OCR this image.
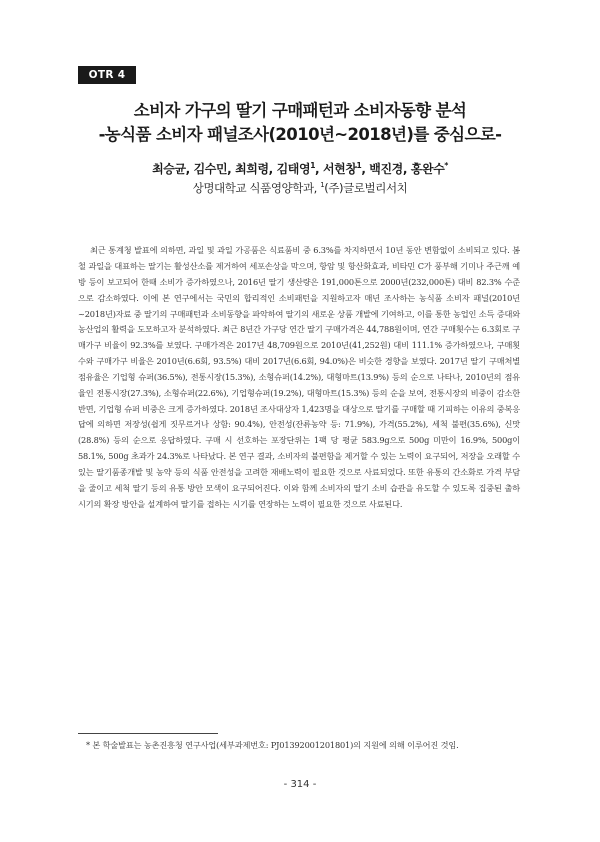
OTR 4
소비자 가구의 딸기 구매패턴과 소비자동향 분석
-농식품 소비자 패널조사(2010년~2018년)를 중심으로-
최승균, 김수민, 최희령, 김태영$^1$, 서현창$^1$, 백진경, 홍완수*
상명대학교 식품영양학과, $^1$(주)글로벌리서치

최근 통계청 발표에 의하면, 과일 및 과일 가공품은 식료품비 중 6.3%를 차지하면서 10년 동안 변함없이 소비되고 있다. 봄철 과일을 대표하는 딸기는 활성산소를 제거하여 세포손상을 막으며, 항암 및 항산화효과, 비타민 C가 풍부해 기미나 주근깨 예방 등이 보고되어 한때 소비가 증가하였으나, 2016년 딸기 생산량은 191,000톤으로 2000년(232,000톤) 대비 82.3% 수준으로 감소하였다. 이에 본 연구에서는 국민의 합리적인 소비패턴을 지원하고자 매년 조사하는 농식품 소비자 패널(2010년~2018년)자료 중 딸기의 구매패턴과 소비동향을 파악하여 딸기의 새로운 상품 개발에 기여하고, 이를 통한 농업인 소득 증대와 농산업의 활력을 도모하고자 분석하였다. 최근 8년간 가구당 연간 딸기 구매가격은 44,788원이며, 연간 구매횟수는 6.3회로 구매가구 비율이 92.3%를 보였다. 구매가격은 2017년 48,709원으로 2010년(41,252원) 대비 111.1% 증가하였으나, 구매횟수와 구매가구 비율은 2010년(6.6회, 93.5%) 대비 2017년(6.6회, 94.0%)은 비슷한 경향을 보였다. 2017년 딸기 구매처별 점유율은 기업형 슈퍼(36.5%), 전통시장(15.3%), 소형슈퍼(14.2%), 대형마트(13.9%) 등의 순으로 나타나, 2010년의 점유율인 전통시장(27.3%), 소형슈퍼(22.6%), 기업형슈퍼(19.2%), 대형마트(15.3%) 등의 순을 보여, 전통시장의 비중이 감소한 반면, 기업형 슈퍼 비중은 크게 증가하였다. 2018년 조사대상자 1,423명을 대상으로 딸기를 구매할 때 기피하는 이유의 중복응답에 의하면 저장성(쉽게 짓무르거나 상함: 90.4%), 안전성(잔류농약 등: 71.9%), 가격(55.2%), 세척 불편(35.6%), 신맛(28.8%) 등의 순으로 응답하였다. 구매 시 선호하는 포장단위는 1팩 당 평균 583.9g으로 500g 미만이 16.9%, 500g이 58.1%, 500g 초과가 24.3%로 나타났다. 본 연구 결과, 소비자의 불편함을 제거할 수 있는 노력이 요구되어, 저장을 오래할 수 있는 딸기품종개발 및 농약 등의 식품 안전성을 고려한 재배노력이 필요한 것으로 사료되었다. 또한 유통의 간소화로 가격 부담을 줄이고 세척 딸기 등의 유통 방안 모색이 요구되어진다. 이와 함께 소비자의 딸기 소비 습관을 유도할 수 있도록 집중된 출하시기의 확장 방안을 설계하여 딸기를 접하는 시기를 연장하는 노력이 필요한 것으로 사료된다.

* 본 학술발표는 농촌진흥청 연구사업(세부과제번호: PJ01392001201801)의 지원에 의해 이루어진 것임.
- 314 -
